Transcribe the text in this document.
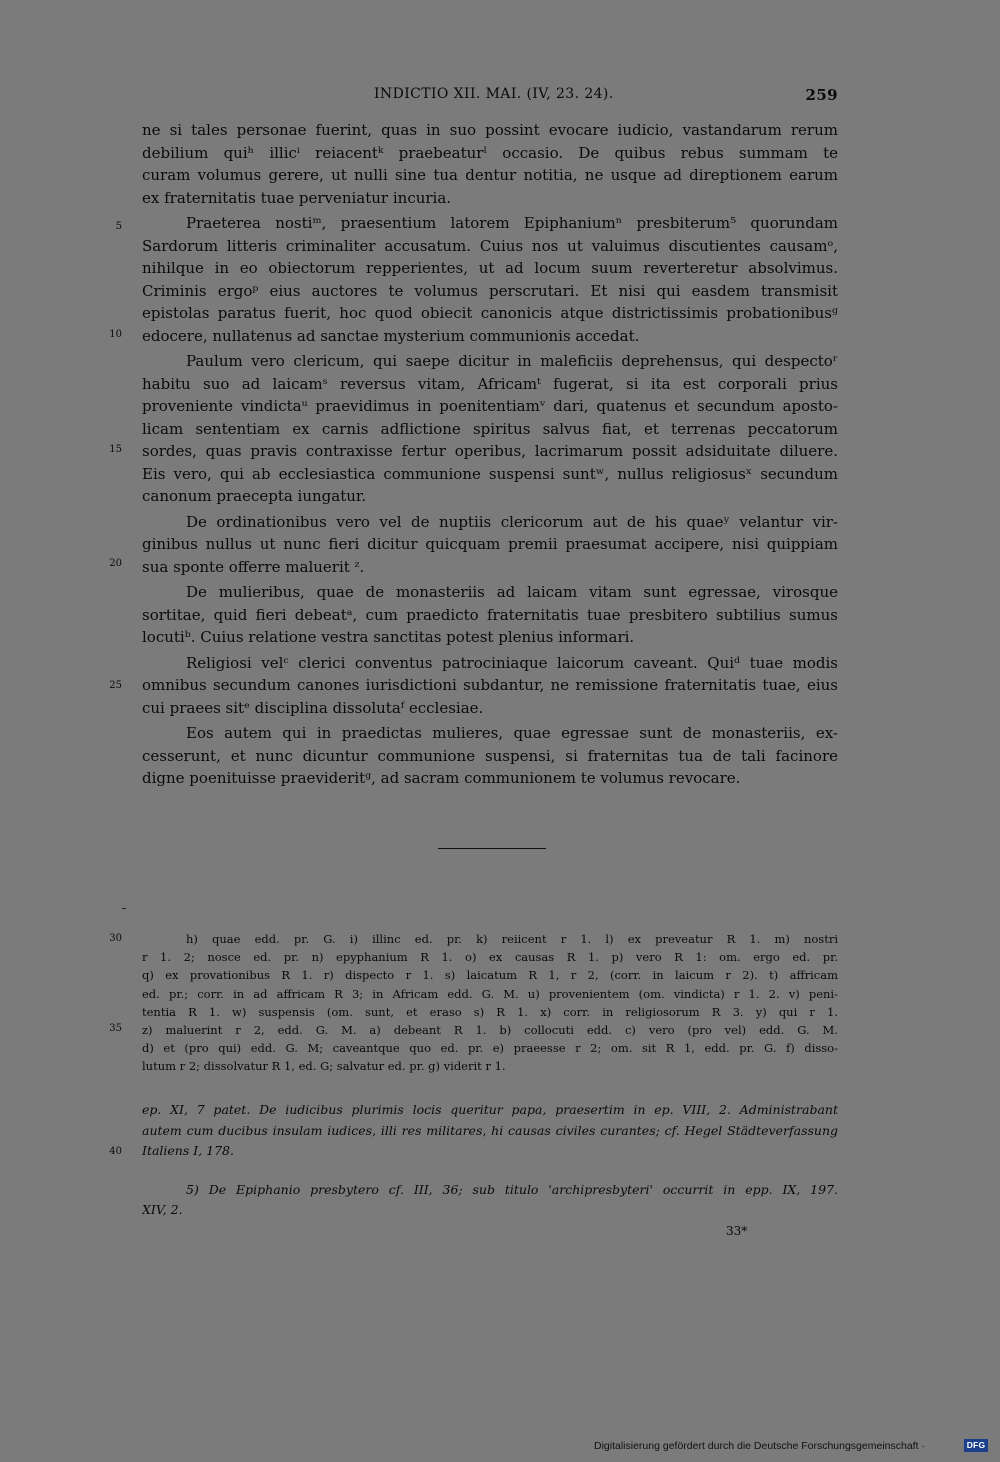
INDICTIO XII. MAI. (IV, 23. 24).	259
5
10
15
20
25
30
35
40
ne si tales personae fuerint, quas in suo possint evocare iudicio, vastandarum rerum
debilium quiʰ illicⁱ reiacentᵏ praebeaturˡ occasio. De quibus rebus summam te
curam volumus gerere, ut nulli sine tua dentur notitia, ne usque ad direptionem earum
ex fraternitatis tuae perveniatur incuria.
Praeterea nostiᵐ, praesentium latorem Epiphaniumⁿ presbiterum⁵ quorundam
Sardorum litteris criminaliter accusatum. Cuius nos ut valuimus discutientes causamᵒ,
nihilque in eo obiectorum repperientes, ut ad locum suum reverteretur absolvimus.
Criminis ergoᵖ eius auctores te volumus perscrutari. Et nisi qui easdem transmisit
epistolas paratus fuerit, hoc quod obiecit canonicis atque districtissimis probationibusᵍ
edocere, nullatenus ad sanctae mysterium communionis accedat.
Paulum vero clericum, qui saepe dicitur in maleficiis deprehensus, qui despectoʳ
habitu suo ad laicamˢ reversus vitam, Africamᵗ fugerat, si ita est corporali prius
proveniente vindictaᵘ praevidimus in poenitentiamᵛ dari, quatenus et secundum aposto-
licam sententiam ex carnis adflictione spiritus salvus fiat, et terrenas peccatorum
sordes, quas pravis contraxisse fertur operibus, lacrimarum possit adsiduitate diluere.
Eis vero, qui ab ecclesiastica communione suspensi suntʷ, nullus religiosusˣ secundum
canonum praecepta iungatur.
De ordinationibus vero vel de nuptiis clericorum aut de his quaeʸ velantur vir-
ginibus nullus ut nunc fieri dicitur quicquam premii praesumat accipere, nisi quippiam
sua sponte offerre maluerit ᶻ.
De mulieribus, quae de monasteriis ad laicam vitam sunt egressae, virosque
sortitae, quid fieri debeatᵃ, cum praedicto fraternitatis tuae presbitero subtilius sumus
locutiᵇ. Cuius relatione vestra sanctitas potest plenius informari.
Religiosi velᶜ clerici conventus patrociniaque laicorum caveant. Quiᵈ tuae modis
omnibus secundum canones iurisdictioni subdantur, ne remissione fraternitatis tuae, eius
cui praees sitᵉ disciplina dissolutaᶠ ecclesiae.
Eos autem qui in praedictas mulieres, quae egressae sunt de monasteriis, ex-
cesserunt, et nunc dicuntur communione suspensi, si fraternitas tua de tali facinore
digne poenituisse praevideritᵍ, ad sacram communionem te volumus revocare.
h) quae edd. pr. G. i) illinc ed. pr. k) reiicent r 1. l) ex preveatur R 1. m) nostri
r 1. 2; nosce ed. pr. n) epyphanium R 1. o) ex causas R 1. p) vero R 1: om. ergo ed. pr.
q) ex provationibus R 1. r) dispecto r 1. s) laicatum R 1, r 2, (corr. in laicum r 2). t) affricam
ed. pr.; corr. in ad affricam R 3; in Africam edd. G. M. u) provenientem (om. vindicta) r 1. 2. v) peni-
tentia R 1. w) suspensis (om. sunt, et eraso s) R 1. x) corr. in religiosorum R 3. y) qui r 1.
z) maluerint r 2, edd. G. M. a) debeant R 1. b) collocuti edd. c) vero (pro vel) edd. G. M.
d) et (pro qui) edd. G. M; caveantque quo ed. pr. e) praeesse r 2; om. sit R 1, edd. pr. G. f) disso-
lutum r 2; dissolvatur R 1, ed. G; salvatur ed. pr. g) viderit r 1.
ep. XI, 7 patet. De iudicibus plurimis locis queritur papa, praesertim in ep. VIII, 2. Administrabant
autem cum ducibus insulam iudices, illi res militares, hi causas civiles curantes; cf. Hegel Städteverfassung
Italiens I, 178.
5) De Epiphanio presbytero cf. III, 36; sub titulo 'archipresbyteri' occurrit in epp. IX, 197.
XIV, 2.
33*
Digitalisierung gefördert durch die Deutsche Forschungsgemeinschaft ·	DFG
